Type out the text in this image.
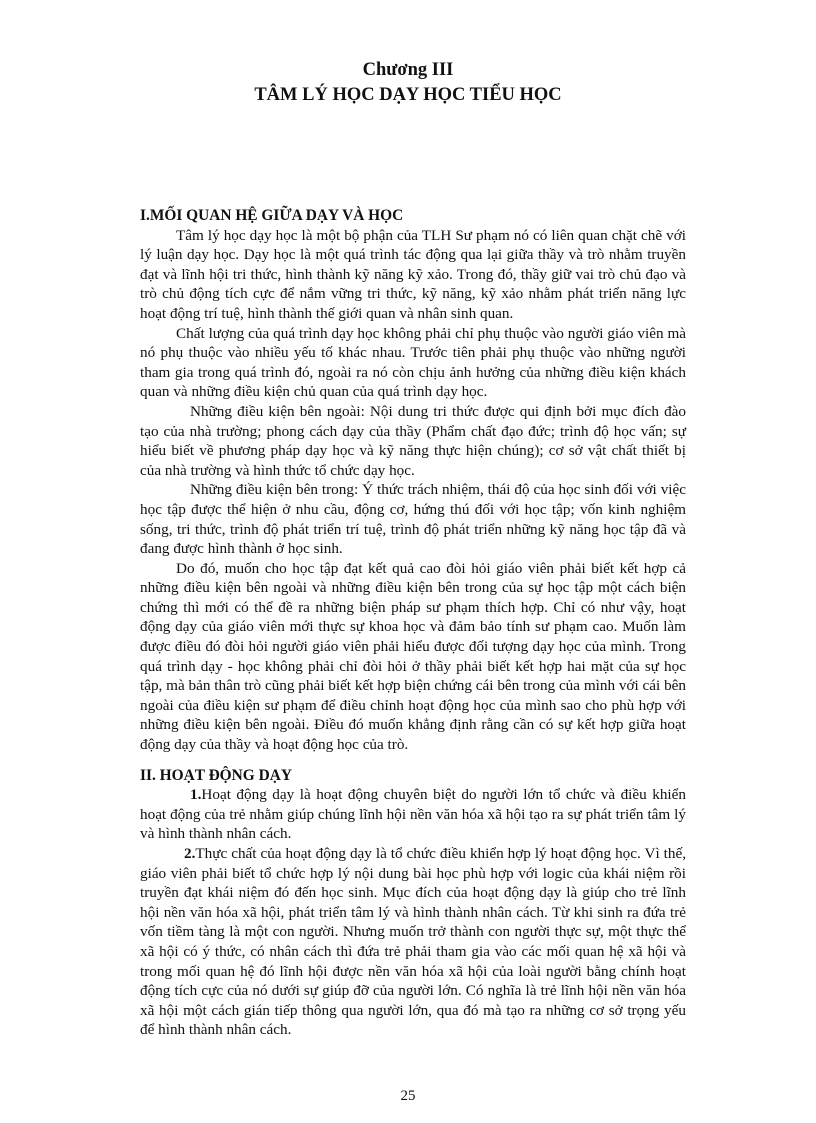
Chương III
TÂM LÝ HỌC DẠY HỌC TIỂU HỌC
I.MỐI QUAN HỆ GIỮA DẠY VÀ HỌC

Tâm lý học dạy học là một bộ phận của TLH Sư phạm nó có liên quan chặt chẽ với lý luận dạy học. Dạy học là một quá trình tác động qua lại giữa thầy và trò nhằm truyền đạt và lĩnh hội tri thức, hình thành kỹ năng kỹ xảo. Trong đó, thầy giữ vai trò chủ đạo và trò chủ động tích cực để nắm vững tri thức, kỹ năng, kỹ xảo nhằm phát triển năng lực hoạt động trí tuệ, hình thành thế giới quan và nhân sinh quan.

Chất lượng của quá trình dạy học không phải chỉ phụ thuộc vào người giáo viên mà nó phụ thuộc vào nhiều yếu tố khác nhau. Trước tiên phải phụ thuộc vào những người tham gia trong quá trình đó, ngoài ra nó còn chịu ảnh hưởng của những điều kiện khách quan và những điều kiện chủ quan của quá trình dạy học.

Những điều kiện bên ngoài: Nội dung tri thức được qui định bởi mục đích đào tạo của nhà trường; phong cách dạy của thầy (Phẩm chất đạo đức; trình độ học vấn; sự hiểu biết về phương pháp dạy học và kỹ năng thực hiện chúng); cơ sở vật chất thiết bị của nhà trường và hình thức tổ chức dạy học.

Những điều kiện bên trong: Ý thức trách nhiệm, thái độ của học sinh đối với việc học tập được thể hiện ở nhu cầu, động cơ, hứng thú đối với học tập; vốn kinh nghiệm sống, tri thức, trình độ phát triển trí tuệ, trình độ phát triển những kỹ năng học tập đã và đang được hình thành ở học sinh.

Do đó, muốn cho học tập đạt kết quả cao đòi hỏi giáo viên phải biết kết hợp cả những điều kiện bên ngoài và những điều kiện bên trong của sự học tập một cách biện chứng thì mới có thể đề ra những biện pháp sư phạm thích hợp. Chỉ có như vậy, hoạt động dạy của giáo viên mới thực sự khoa học và đảm bảo tính sư phạm cao. Muốn làm được điều đó đòi hỏi người giáo viên phải hiểu được đối tượng dạy học của mình. Trong quá trình dạy - học không phải chỉ đòi hỏi ở thầy phải biết kết hợp hai mặt của sự học tập, mà bản thân trò cũng phải biết kết hợp biện chứng cái bên trong của mình với cái bên ngoài của điều kiện sư phạm để điều chỉnh hoạt động học của mình sao cho phù hợp với những điều kiện bên ngoài. Điều đó muốn khẳng định rằng cần có sự kết hợp giữa hoạt động dạy của thầy và hoạt động học của trò.

II. HOẠT ĐỘNG DẠY

1.Hoạt động dạy là hoạt động chuyên biệt do người lớn tổ chức và điều khiển hoạt động của trẻ nhằm giúp chúng lĩnh hội nền văn hóa xã hội tạo ra sự phát triển tâm lý và hình thành nhân cách.

2.Thực chất của hoạt động dạy là tổ chức điều khiển hợp lý hoạt động học. Vì thế, giáo viên phải biết tổ chức hợp lý nội dung bài học phù hợp với logic của khái niệm rồi truyền đạt khái niệm đó đến học sinh. Mục đích của hoạt động dạy là giúp cho trẻ lĩnh hội nền văn hóa xã hội, phát triển tâm lý và hình thành nhân cách. Từ khi sinh ra đứa trẻ vốn tiềm tàng là một con người. Nhưng muốn trở thành con người thực sự, một thực thể xã hội có ý thức, có nhân cách thì đứa trẻ phải tham gia vào các mối quan hệ xã hội và trong mối quan hệ đó lĩnh hội được nền văn hóa xã hội của loài người bằng chính hoạt động tích cực của nó dưới sự giúp đỡ của người lớn. Có nghĩa là trẻ lĩnh hội nền văn hóa xã hội một cách gián tiếp thông qua người lớn, qua đó mà tạo ra những cơ sở trọng yếu để hình thành nhân cách.

25
